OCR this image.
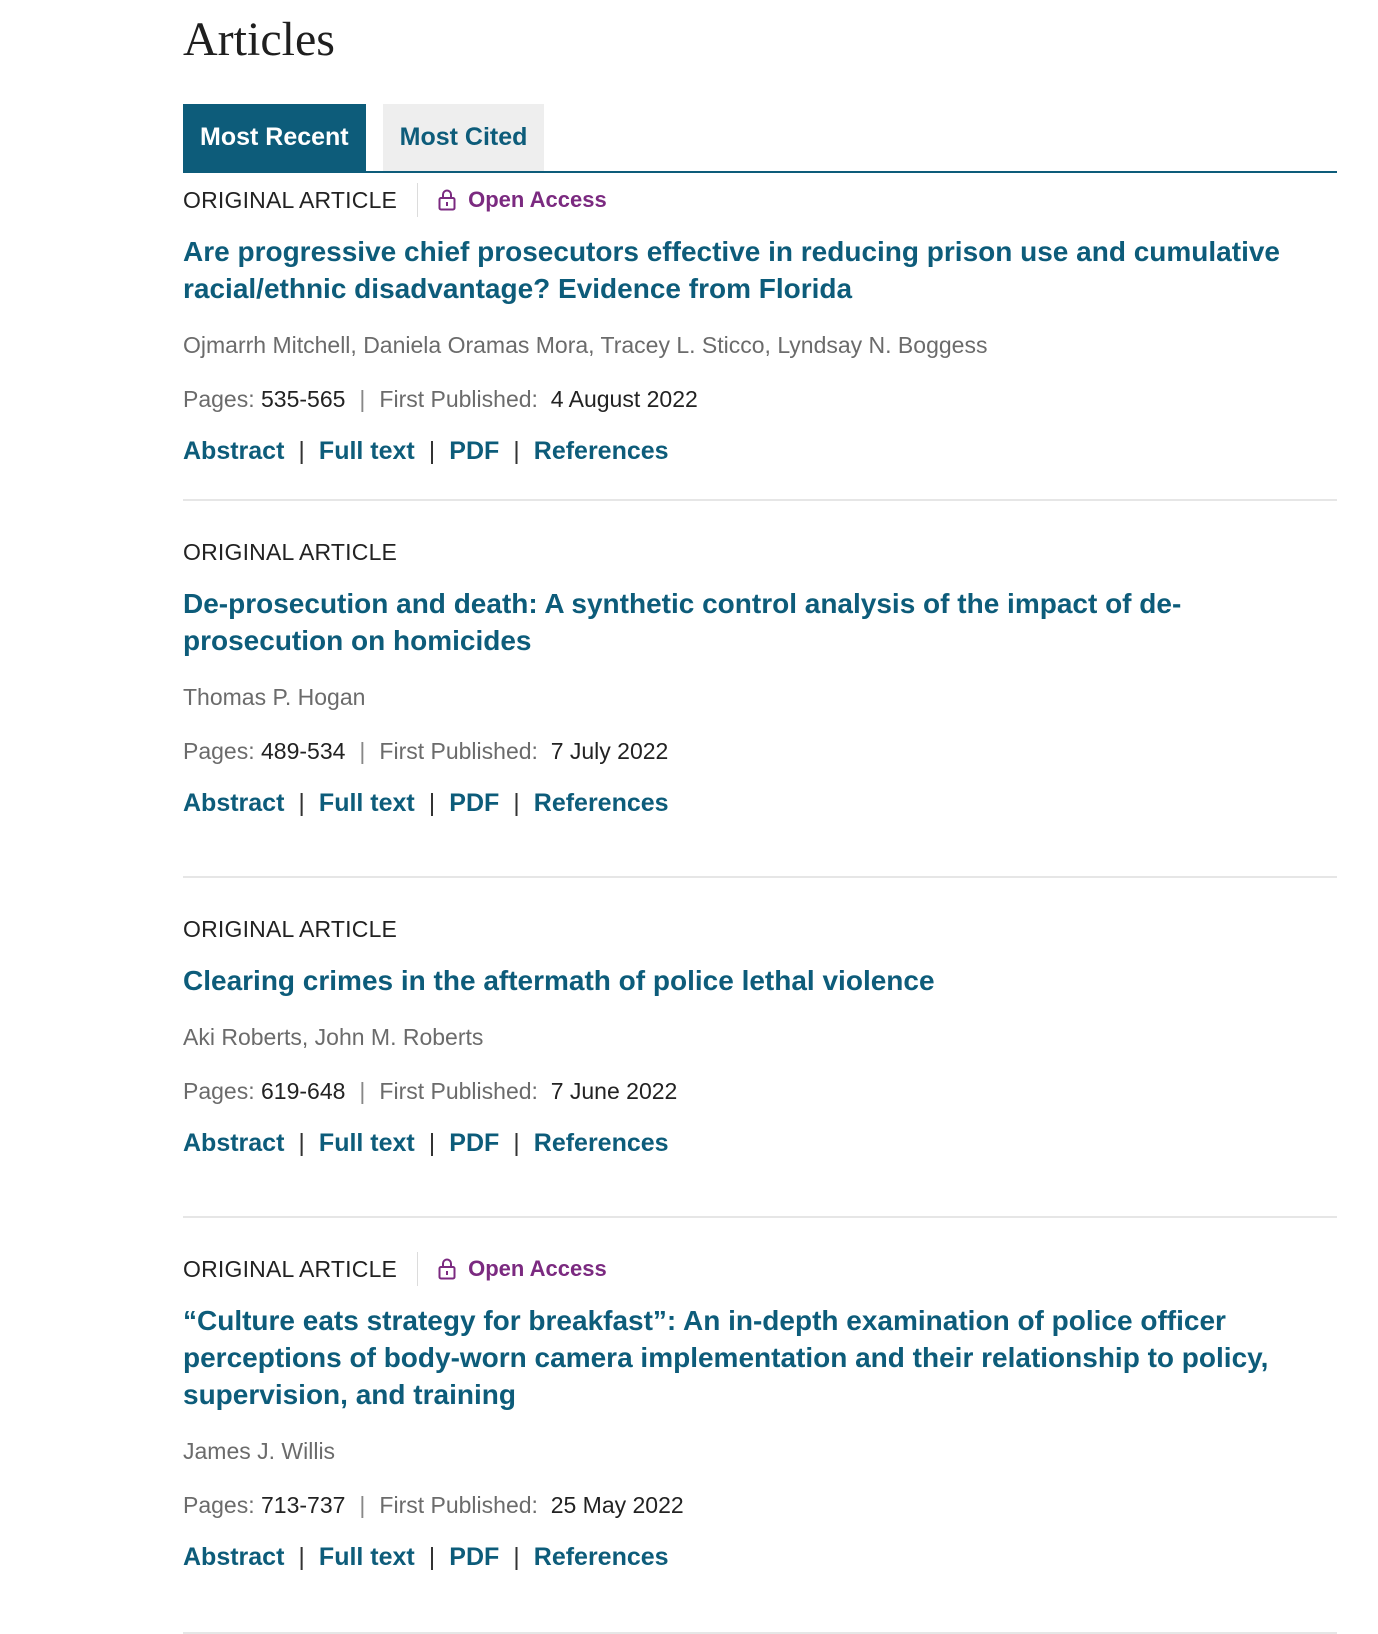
Articles
Most Recent	Most Cited
ORIGINAL ARTICLE	Open Access
Are progressive chief prosecutors effective in reducing prison use and cumulative racial/ethnic disadvantage? Evidence from Florida
Ojmarrh Mitchell, Daniela Oramas Mora, Tracey L. Sticco, Lyndsay N. Boggess
Pages: 535-565 | First Published: 4 August 2022
Abstract | Full text | PDF | References
ORIGINAL ARTICLE
De-prosecution and death: A synthetic control analysis of the impact of de-prosecution on homicides
Thomas P. Hogan
Pages: 489-534 | First Published: 7 July 2022
Abstract | Full text | PDF | References
ORIGINAL ARTICLE
Clearing crimes in the aftermath of police lethal violence
Aki Roberts, John M. Roberts
Pages: 619-648 | First Published: 7 June 2022
Abstract | Full text | PDF | References
ORIGINAL ARTICLE	Open Access
“Culture eats strategy for breakfast”: An in-depth examination of police officer perceptions of body-worn camera implementation and their relationship to policy, supervision, and training
James J. Willis
Pages: 713-737 | First Published: 25 May 2022
Abstract | Full text | PDF | References
